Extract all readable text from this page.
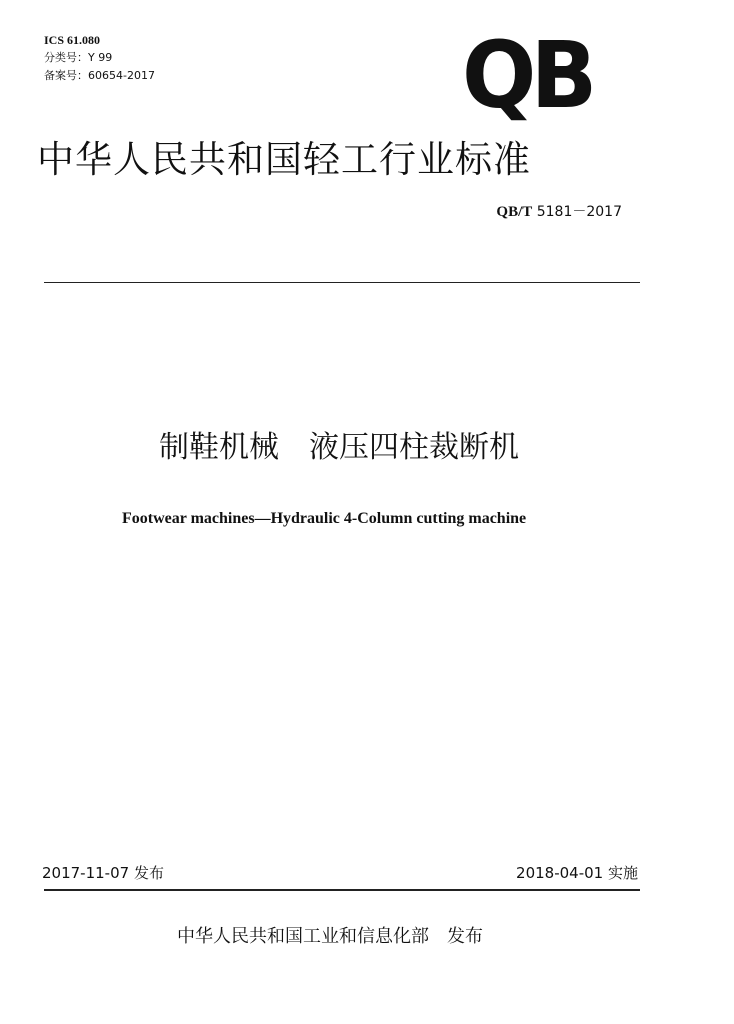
ICS 61.080
分类号：Y 99
备案号：60654-2017	QB
中华人民共和国轻工行业标准
QB/T 5181－2017
制鞋机械　液压四柱裁断机
Footwear machines—Hydraulic 4-Column cutting machine
2017-11-07 发布	2018-04-01 实施
中华人民共和国工业和信息化部　发布
